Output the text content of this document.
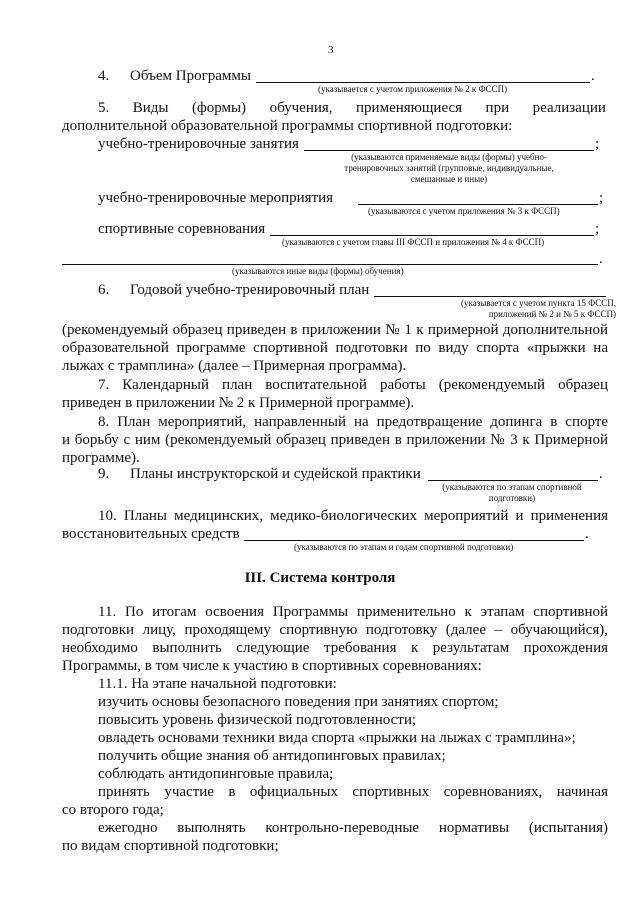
3
4. Объем Программы	.
(указывается с учетом приложения № 2 к ФССП)
5. Виды (формы) обучения, применяющиеся при реализации
дополнительной образовательной программы спортивной подготовки:
учебно-тренировочные занятия	;
(указываются применяемые виды (формы) учебно-
тренировочных занятий (групповые, индивидуальные,
смешанные и иные)
учебно-тренировочные мероприятия	;
(указываются с учетом приложения № 3 к ФССП)
спортивные соревнования	;
(указываются с учетом главы III ФССП и приложения № 4 к ФССП)
.
(указываются иные виды (формы) обучения)
6. Годовой учебно-тренировочный план
(указывается с учетом пункта 15 ФССП,
приложений № 2 и № 5 к ФССП)
(рекомендуемый образец приведен в приложении № 1 к примерной дополнительной
образовательной программе спортивной подготовки по виду спорта «прыжки на
лыжах с трамплина» (далее – Примерная программа).
7. Календарный план воспитательной работы (рекомендуемый образец
приведен в приложении № 2 к Примерной программе).
8. План мероприятий, направленный на предотвращение допинга в спорте
и борьбу с ним (рекомендуемый образец приведен в приложении № 3 к Примерной
программе).
9. Планы инструкторской и судейской практики	.
(указываются по этапам спортивной
подготовки)
10. Планы медицинских, медико-биологических мероприятий и применения
восстановительных средств	.
(указываются по этапам и годам спортивной подготовки)
III. Система контроля
11. По итогам освоения Программы применительно к этапам спортивной
подготовки лицу, проходящему спортивную подготовку (далее – обучающийся),
необходимо выполнить следующие требования к результатам прохождения
Программы, в том числе к участию в спортивных соревнованиях:
11.1. На этапе начальной подготовки:
изучить основы безопасного поведения при занятиях спортом;
повысить уровень физической подготовленности;
овладеть основами техники вида спорта «прыжки на лыжах с трамплина»;
получить общие знания об антидопинговых правилах;
соблюдать антидопинговые правила;
принять участие в официальных спортивных соревнованиях, начиная
со второго года;
ежегодно выполнять контрольно-переводные нормативы (испытания)
по видам спортивной подготовки;
